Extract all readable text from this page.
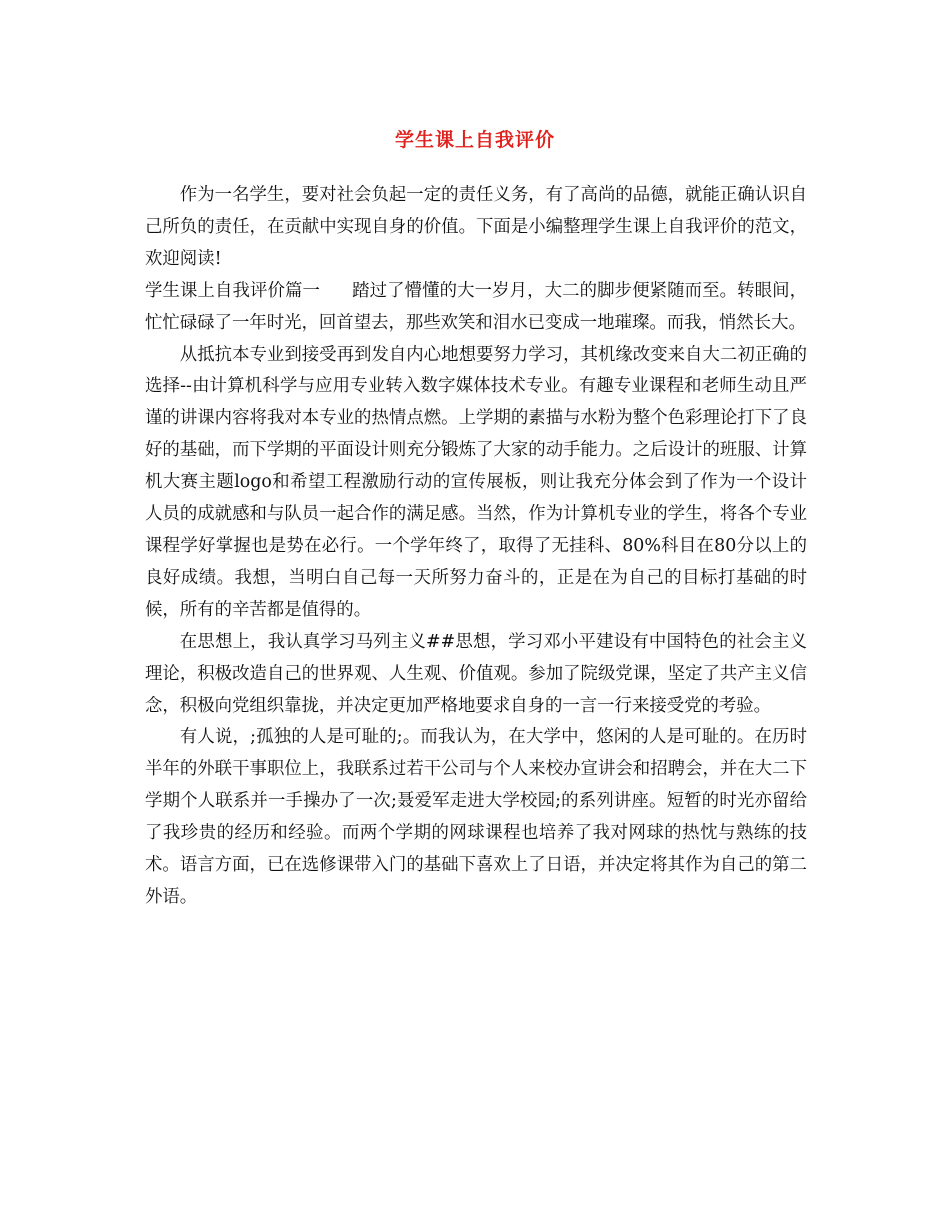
学生课上自我评价

作为一名学生，要对社会负起一定的责任义务，有了高尚的品德，就能正确认识自己所负的责任，在贡献中实现自身的价值。下面是小编整理学生课上自我评价的范文，欢迎阅读!

学生课上自我评价篇一 踏过了懵懂的大一岁月，大二的脚步便紧随而至。转眼间，忙忙碌碌了一年时光，回首望去，那些欢笑和泪水已变成一地璀璨。而我，悄然长大。

从抵抗本专业到接受再到发自内心地想要努力学习，其机缘改变来自大二初正确的选择--由计算机科学与应用专业转入数字媒体技术专业。有趣专业课程和老师生动且严谨的讲课内容将我对本专业的热情点燃。上学期的素描与水粉为整个色彩理论打下了良好的基础，而下学期的平面设计则充分锻炼了大家的动手能力。之后设计的班服、计算机大赛主题logo和希望工程激励行动的宣传展板，则让我充分体会到了作为一个设计人员的成就感和与队员一起合作的满足感。当然，作为计算机专业的学生，将各个专业课程学好掌握也是势在必行。一个学年终了，取得了无挂科、80%科目在80分以上的良好成绩。我想，当明白自己每一天所努力奋斗的，正是在为自己的目标打基础的时候，所有的辛苦都是值得的。

在思想上，我认真学习马列主义##思想，学习邓小平建设有中国特色的社会主义理论，积极改造自己的世界观、人生观、价值观。参加了院级党课，坚定了共产主义信念，积极向党组织靠拢，并决定更加严格地要求自身的一言一行来接受党的考验。

有人说，;孤独的人是可耻的;。而我认为，在大学中，悠闲的人是可耻的。在历时半年的外联干事职位上，我联系过若干公司与个人来校办宣讲会和招聘会，并在大二下学期个人联系并一手操办了一次;聂爱军走进大学校园;的系列讲座。短暂的时光亦留给了我珍贵的经历和经验。而两个学期的网球课程也培养了我对网球的热忱与熟练的技术。语言方面，已在选修课带入门的基础下喜欢上了日语，并决定将其作为自己的第二外语。
